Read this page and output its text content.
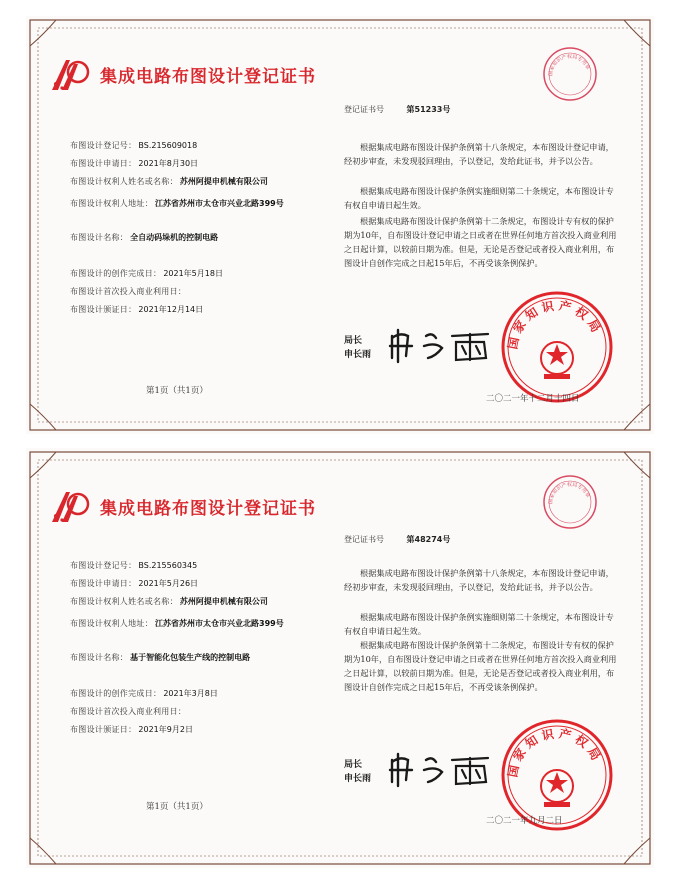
集成电路布图设计登记证书
布图设计登记号： BS.215609018
布图设计申请日： 2021年8月30日
布图设计权利人姓名或名称： 苏州阿提申机械有限公司
布图设计权利人地址： 江苏省苏州市太仓市兴业北路399号
布图设计名称： 全自动码垛机的控制电路
布图设计的创作完成日： 2021年5月18日
布图设计首次投入商业利用日：
布图设计颁证日： 2021年12月14日
登记证书号	第51233号
根据集成电路布图设计保护条例第十八条规定，本布图设计登记申请，经初步审查，未发现驳回理由，予以登记，发给此证书，并予以公告。
根据集成电路布图设计保护条例实施细则第二十条规定，本布图设计专有权自申请日起生效。
根据集成电路布图设计保护条例第十二条规定，布图设计专有权的保护期为10年，自布图设计登记申请之日或者在世界任何地方首次投入商业利用之日起计算，以较前日期为准。但是，无论是否登记或者投入商业利用，布图设计自创作完成之日起15年后，不再受该条例保护。
局长
申长雨
国家知识产权局
国家知识产权局专用章
二〇二一年十二月十四日
第1页（共1页）
集成电路布图设计登记证书
布图设计登记号： BS.215560345
布图设计申请日： 2021年5月26日
布图设计权利人姓名或名称： 苏州阿提申机械有限公司
布图设计权利人地址： 江苏省苏州市太仓市兴业北路399号
布图设计名称： 基于智能化包装生产线的控制电路
布图设计的创作完成日： 2021年3月8日
布图设计首次投入商业利用日：
布图设计颁证日： 2021年9月2日
登记证书号	第48274号
根据集成电路布图设计保护条例第十八条规定，本布图设计登记申请，经初步审查，未发现驳回理由，予以登记，发给此证书，并予以公告。
根据集成电路布图设计保护条例实施细则第二十条规定，本布图设计专有权自申请日起生效。
根据集成电路布图设计保护条例第十二条规定，布图设计专有权的保护期为10年，自布图设计登记申请之日或者在世界任何地方首次投入商业利用之日起计算，以较前日期为准。但是，无论是否登记或者投入商业利用，布图设计自创作完成之日起15年后，不再受该条例保护。
局长
申长雨
国家知识产权局
国家知识产权局专用章
二〇二一年九月二日
第1页（共1页）
